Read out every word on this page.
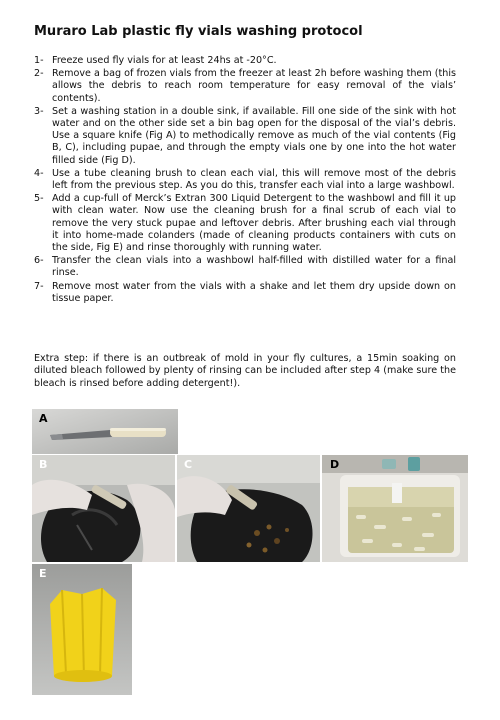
Muraro Lab plastic fly vials washing protocol
1- Freeze used fly vials for at least 24hs at -20°C.
2- Remove a bag of frozen vials from the freezer at least 2h before washing them (this allows the debris to reach room temperature for easy removal of the vials’ contents).
3- Set a washing station in a double sink, if available. Fill one side of the sink with hot water and on the other side set a bin bag open for the disposal of the vial’s debris. Use a square knife (Fig A) to methodically remove as much of the vial contents (Fig B, C), including pupae, and through the empty vials one by one into the hot water filled side (Fig D).
4- Use a tube cleaning brush to clean each vial, this will remove most of the debris left from the previous step. As you do this, transfer each vial into a large washbowl.
5- Add a cup-full of Merck’s Extran 300 Liquid Detergent to the washbowl and fill it up with clean water. Now use the cleaning brush for a final scrub of each vial to remove the very stuck pupae and leftover debris. After brushing each vial through it into home-made colanders (made of cleaning products containers with cuts on the side, Fig E) and rinse thoroughly with running water.
6- Transfer the clean vials into a washbowl half-filled with distilled water for a final rinse.
7- Remove most water from the vials with a shake and let them dry upside down on tissue paper.

Extra step: if there is an outbreak of mold in your fly cultures, a 15min soaking on diluted bleach followed by plenty of rinsing can be included after step 4 (make sure the bleach is rinsed before adding detergent!).

A
B	C	D
E
